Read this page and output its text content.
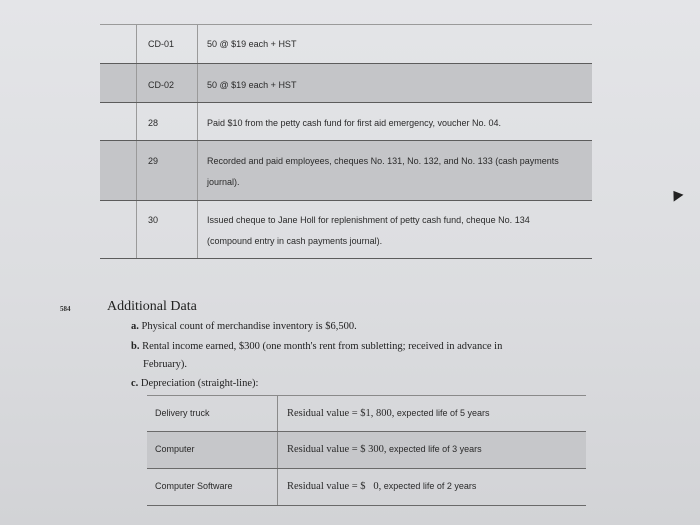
CD-01	50 @ $19 each + HST
CD-02	50 @ $19 each + HST
28	Paid $10 from the petty cash fund for first aid emergency, voucher No. 04.
29	Recorded and paid employees, cheques No. 131, No. 132, and No. 133 (cash payments journal).
30	Issued cheque to Jane Holl for replenishment of petty cash fund, cheque No. 134 (compound entry in cash payments journal).
584	Additional Data
a. Physical count of merchandise inventory is $6,500.
b. Rental income earned, $300 (one month's rent from subletting; received in advance in
February).
c. Depreciation (straight-line):
Delivery truck	Residual value = $1, 800, expected life of 5 years
Computer	Residual value = $ 300, expected life of 3 years
Computer Software	Residual value = $   0, expected life of 2 years
